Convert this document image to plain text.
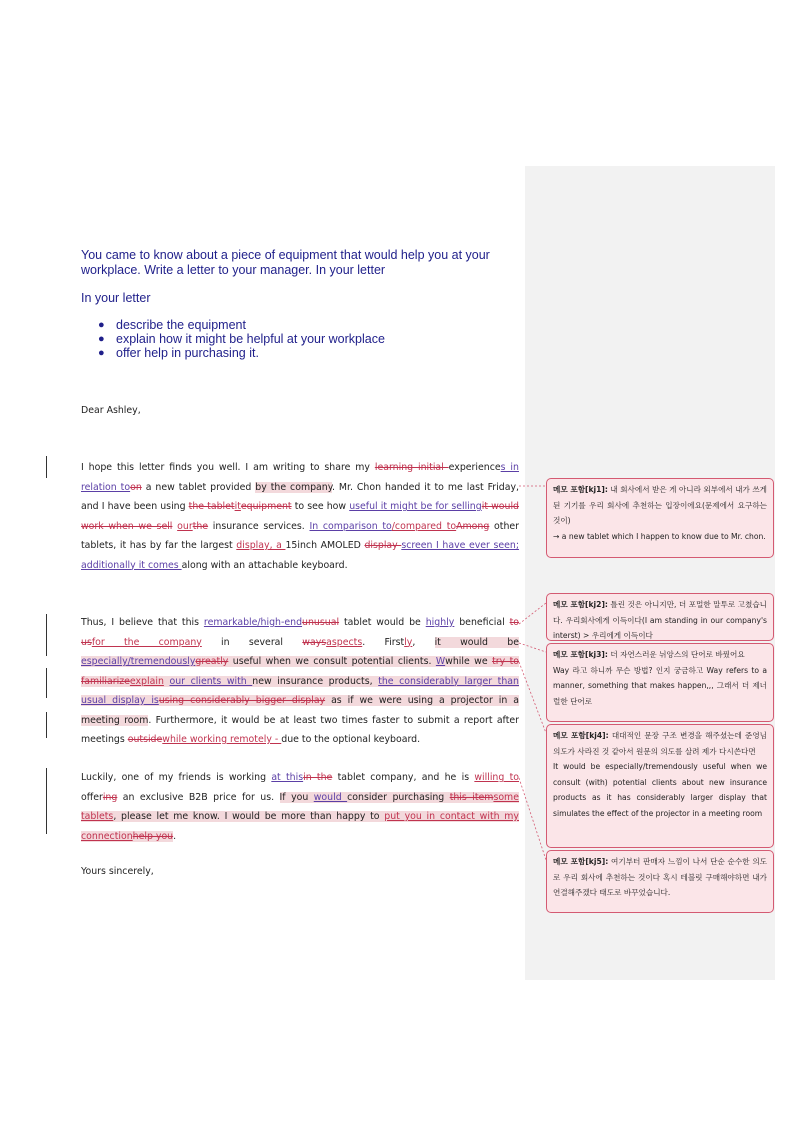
You came to know about a piece of equipment that would help you at your
workplace. Write a letter to your manager. In your letter
In your letter
● describe the equipment
● explain how it might be helpful at your workplace
● offer help in purchasing it.
Dear Ashley,
I hope this letter finds you well. I am writing to share my learning initial experiences in relation toon a new tablet provided by the company. Mr. Chon handed it to me last Friday, and I have been using the tabletitequipment to see how useful it might be for sellingit would work when we sell ourthe insurance services. In comparison to/compared toAmong other tablets, it has by far the largest display, a 15inch AMOLED display screen I have ever seen; additionally it comes along with an attachable keyboard.
Thus, I believe that this remarkable/high-endunusual tablet would be highly beneficial to usfor the company in several waysaspects. Firstly, it would be especially/tremendouslygreatly useful when we consult potential clients. Wwhile we try to familiarizeexplain our clients with new insurance products, the considerably larger than usual display isusing considerably bigger display as if we were using a projector in a meeting room. Furthermore, it would be at least two times faster to submit a report after meetings outsidewhile working remotely - due to the optional keyboard.
Luckily, one of my friends is working at thisin the tablet company, and he is willing to offering an exclusive B2B price for us. If you would consider purchasing this itemsome tablets, please let me know. I would be more than happy to put you in contact with my connectionhelp you.
Yours sincerely,
메모 포함[kj1]: 내 회사에서 받은 게 아니라 외부에서 내가 쓰게된 기기를 우리 회사에 추천하는 입장이에요(문제에서 요구하는 것이)
→ a new tablet which I happen to know due to Mr. chon.
메모 포함[kj2]: 틀린 것은 아니지만, 더 포멀한 말투로 고쳤습니다. 우리회사에게 이득이다(I am standing in our company's interst) > 우리에게 이득이다
메모 포함[kj3]: 더 자연스러운 뉘앙스의 단어로 바꿨어요
Way 라고 하니까 무슨 방법? 인지 궁금하고 Way refers to a manner, something that makes happen,,, 그래서 더 제너럴한 단어로
메모 포함[kj4]: 대대적인 문장 구조 변경을 해주셨는데 준영님의도가 사라진 것 같아서 원문의 의도를 살려 제가 다시쓴다면
It would be especially/tremendously useful when we consult (with) potential clients about new insurance products as it has considerably larger display that simulates the effect of the projector in a meeting room
메모 포함[kj5]: 여기부터 판매자 느낌이 나서 단순 순수한 의도로 우리 회사에 추천하는 것이다 혹시 테블릿 구매해야하면 내가 연결해주겠다 태도로 바꾸었습니다.
